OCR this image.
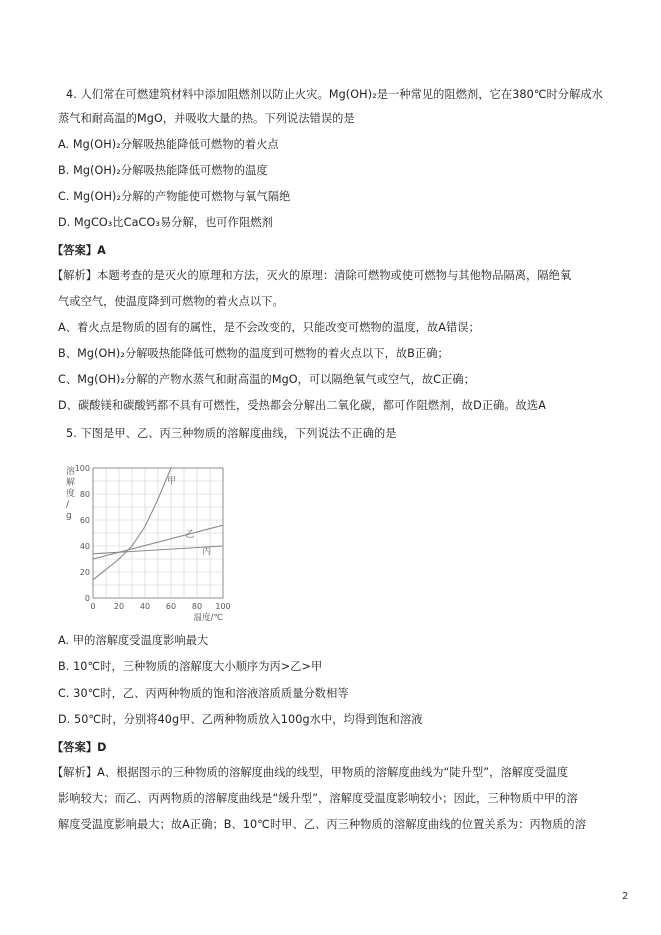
4. 人们常在可燃建筑材料中添加阻燃剂以防止火灾。Mg(OH)₂是一种常见的阻燃剂，它在380℃时分解成水
蒸气和耐高温的MgO，并吸收大量的热。下列说法错误的是
A. Mg(OH)₂分解吸热能降低可燃物的着火点
B. Mg(OH)₂分解吸热能降低可燃物的温度
C. Mg(OH)₂分解的产物能使可燃物与氧气隔绝
D. MgCO₃比CaCO₃易分解，也可作阻燃剂
【答案】A
【解析】本题考查的是灭火的原理和方法，灭火的原理：清除可燃物或使可燃物与其他物品隔离，隔绝氧
气或空气，使温度降到可燃物的着火点以下。
A、着火点是物质的固有的属性，是不会改变的，只能改变可燃物的温度，故A错误；
B、Mg(OH)₂分解吸热能降低可燃物的温度到可燃物的着火点以下，故B正确；
C、Mg(OH)₂分解的产物水蒸气和耐高温的MgO，可以隔绝氧气或空气，故C正确；
D、碳酸镁和碳酸钙都不具有可燃性，受热都会分解出二氧化碳，都可作阻燃剂，故D正确。故选A
5. 下图是甲、乙、丙三种物质的溶解度曲线，下列说法不正确的是
0 20 40 60 80 100
0
20
40
60
80
100
甲
乙
丙
溶
解
度
/
g
温度/℃
A. 甲的溶解度受温度影响最大
B. 10℃时，三种物质的溶解度大小顺序为丙>乙>甲
C. 30℃时，乙、丙两种物质的饱和溶液溶质质量分数相等
D. 50℃时，分别将40g甲、乙两种物质放入100g水中，均得到饱和溶液
【答案】D
【解析】A、根据图示的三种物质的溶解度曲线的线型，甲物质的溶解度曲线为“陡升型”，溶解度受温度
影响较大；而乙、丙两物质的溶解度曲线是“缓升型”，溶解度受温度影响较小；因此，三种物质中甲的溶
解度受温度影响最大；故A正确；B、10℃时甲、乙、丙三种物质的溶解度曲线的位置关系为：丙物质的溶
2
